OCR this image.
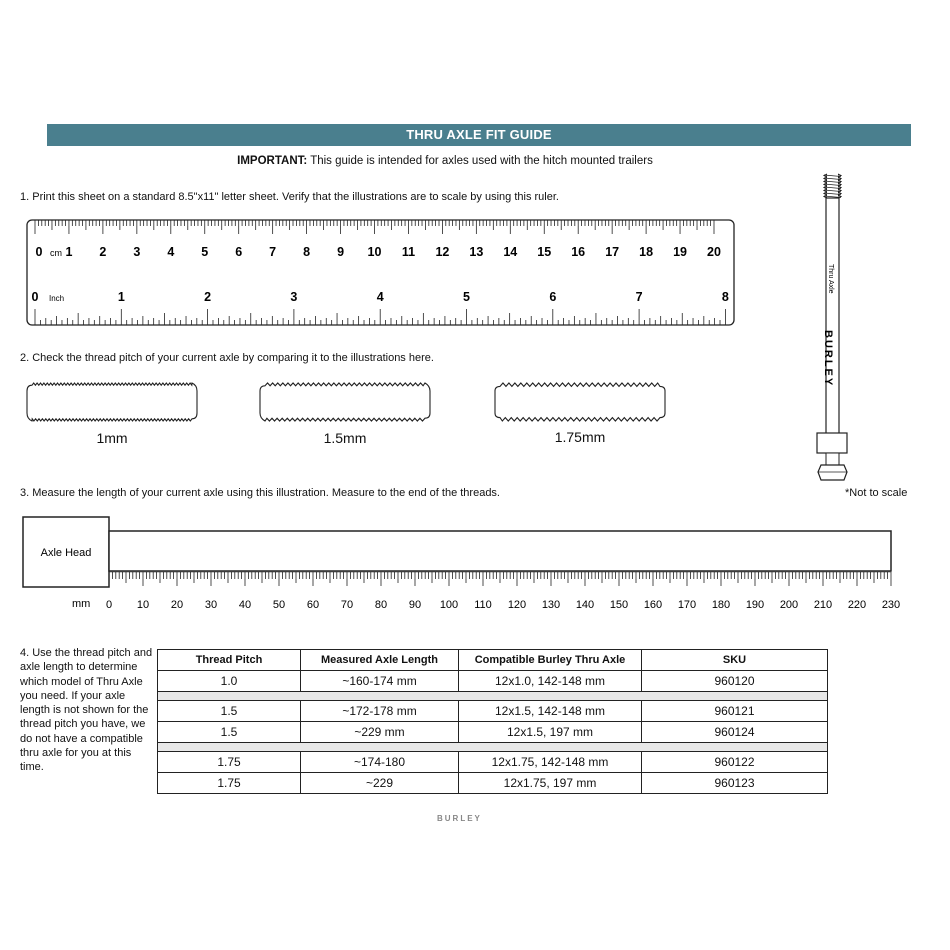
THRU AXLE FIT GUIDE
IMPORTANT: This guide is intended for axles used with the hitch mounted trailers
1. Print this sheet on a standard 8.5"x11" letter sheet. Verify that the illustrations are to scale by using this ruler.
0 1 2 3 4 5 6 7 8 9 10 11 12 13 14 15 16 17 18 19 20
0	1	2	3	4	5	6	7	8
cm
Inch
2. Check the thread pitch of your current axle by comparing it to the illustrations here.
1mm	1.5mm	1.75mm
Thru Axle
BURLEY
*Not to scale
3. Measure the length of your current axle using this illustration. Measure to the end of the threads.
Axle Head
0 10 20 30 40 50 60 70 80 90 100 110 120 130 140 150 160 170 180 190 200 210 220 230
mm
4. Use the thread pitch and axle length to determine which model of Thru Axle you need. If your axle length is not shown for the thread pitch you have, we do not have a compatible thru axle for you at this time.
Thread Pitch	Measured Axle Length	Compatible Burley Thru Axle	SKU
1.0	~160-174 mm	12x1.0, 142-148 mm	960120

1.5	~172-178 mm	12x1.5, 142-148 mm	960121
1.5	~229 mm	12x1.5, 197 mm	960124

1.75	~174-180	12x1.75, 142-148 mm	960122
1.75	~229	12x1.75, 197 mm	960123
BURLEY
